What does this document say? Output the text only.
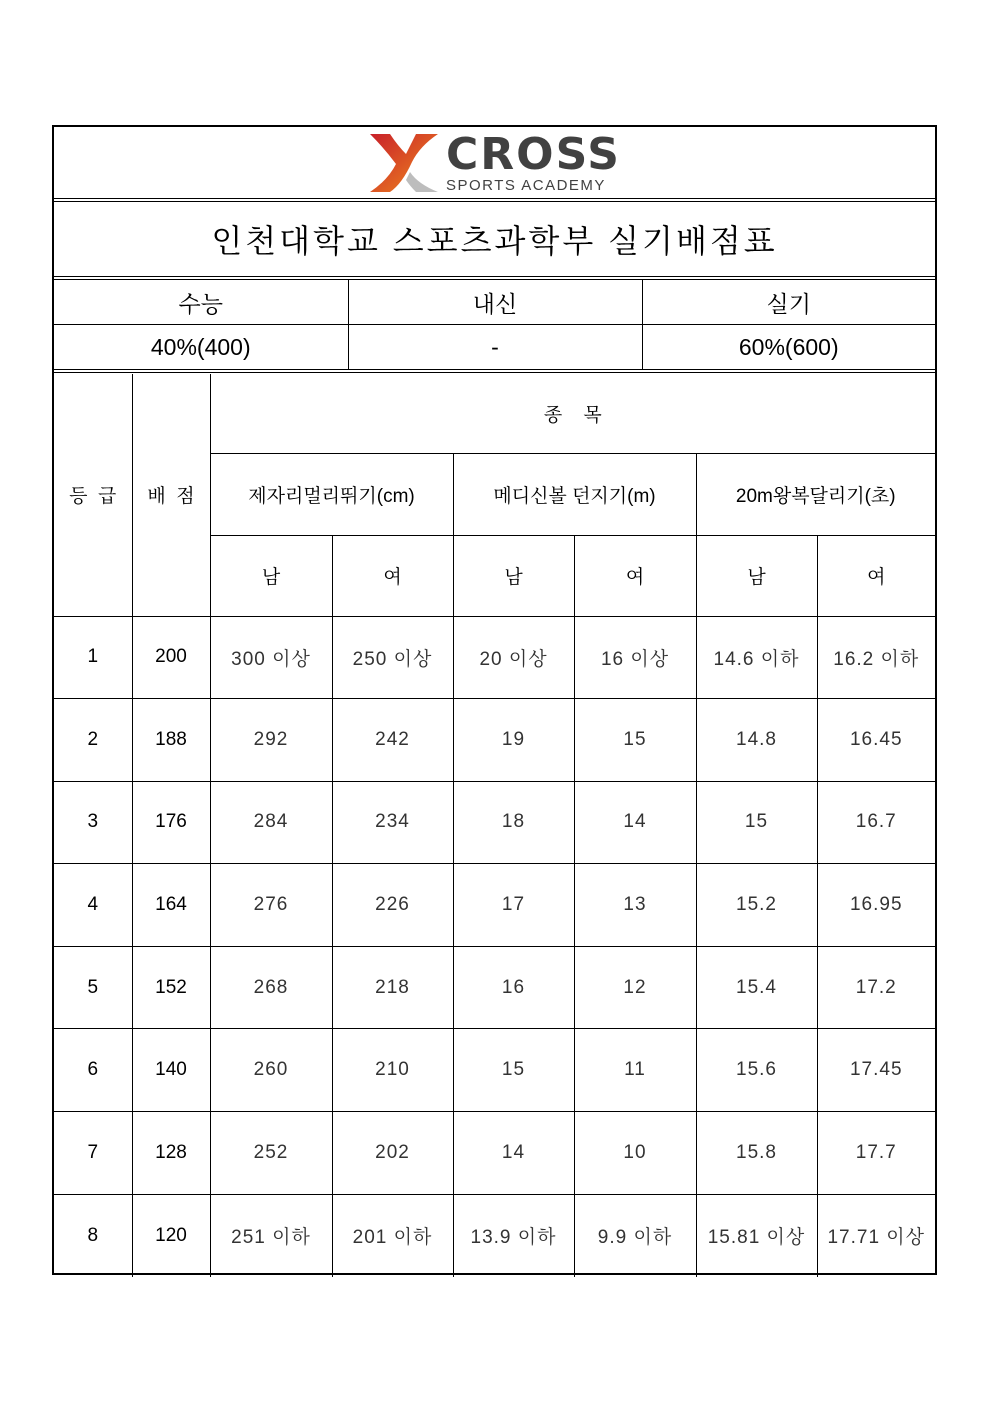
CROSS
SPORTS ACADEMY
인천대학교 스포츠과학부 실기배점표
수능	내신	실기
40%(400)	-	60%(600)
등  급	배  점	종    목					
		제자리멀리뛰기(cm)		메디신볼 던지기(m)		20m왕복달리기(초)	
		남	여	남	여	남	여
1	200	300 이상	250 이상	20 이상	16 이상	14.6 이하	16.2 이하
2	188	292	242	19	15	14.8	16.45
3	176	284	234	18	14	15	16.7
4	164	276	226	17	13	15.2	16.95
5	152	268	218	16	12	15.4	17.2
6	140	260	210	15	11	15.6	17.45
7	128	252	202	14	10	15.8	17.7
8	120	251 이하	201 이하	13.9 이하	9.9 이하	15.81 이상	17.71 이상
